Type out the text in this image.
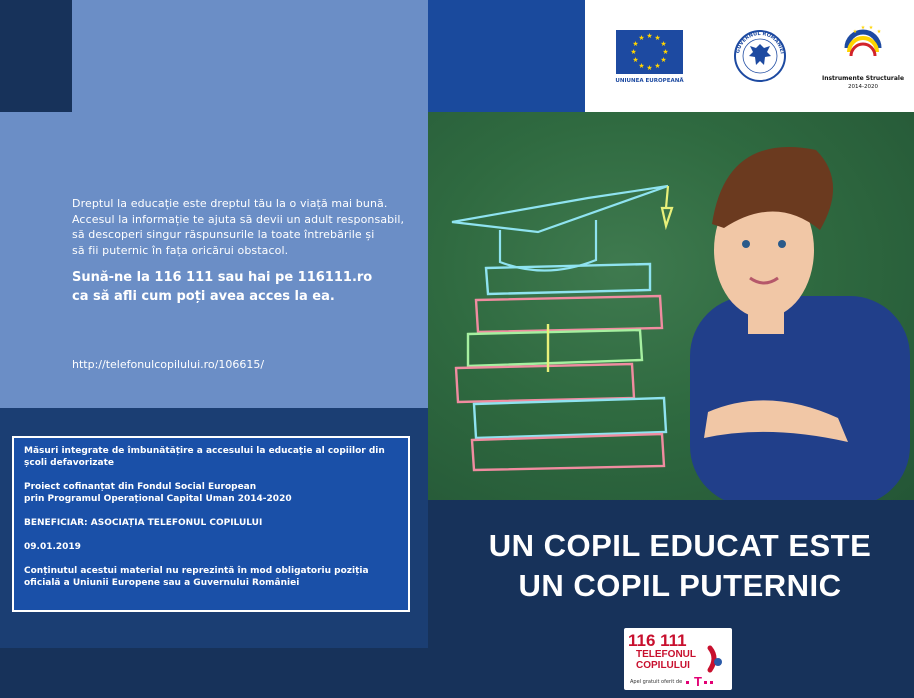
Dreptul la educație este dreptul tău la o viață mai bună.

Accesul la informație te ajuta să devii un adult responsabil,

să descoperi singur răspunsurile la toate întrebările și

să fii puternic în fața oricărui obstacol.

Sună-ne la 116 111 sau hai pe 116111.ro
ca să afli cum poți avea acces la ea.
http://telefonulcopilului.ro/106615/

Măsuri integrate de îmbunătățire a accesului la educație al copiilor din școli defavorizate

Proiect cofinanțat din Fondul Social European
prin Programul Operațional Capital Uman 2014-2020

BENEFICIAR: ASOCIAȚIA TELEFONUL COPILULUI

09.01.2019

Conținutul acestui material nu reprezintă în mod obligatoriu poziția oficială a Uniunii Europene sau a Guvernului României

★ ★
★
★
★
★
★
★
★
★
★
★
UNIUNEA EUROPEANĂ
GUVERNUL ROMÂNIEI
★
★ ★
★
Instrumente Structurale
2014-2020
UN COPIL EDUCAT ESTE
UN COPIL PUTERNIC
116 111
TELEFONUL
COPILULUI
Apel gratuit oferit de T
